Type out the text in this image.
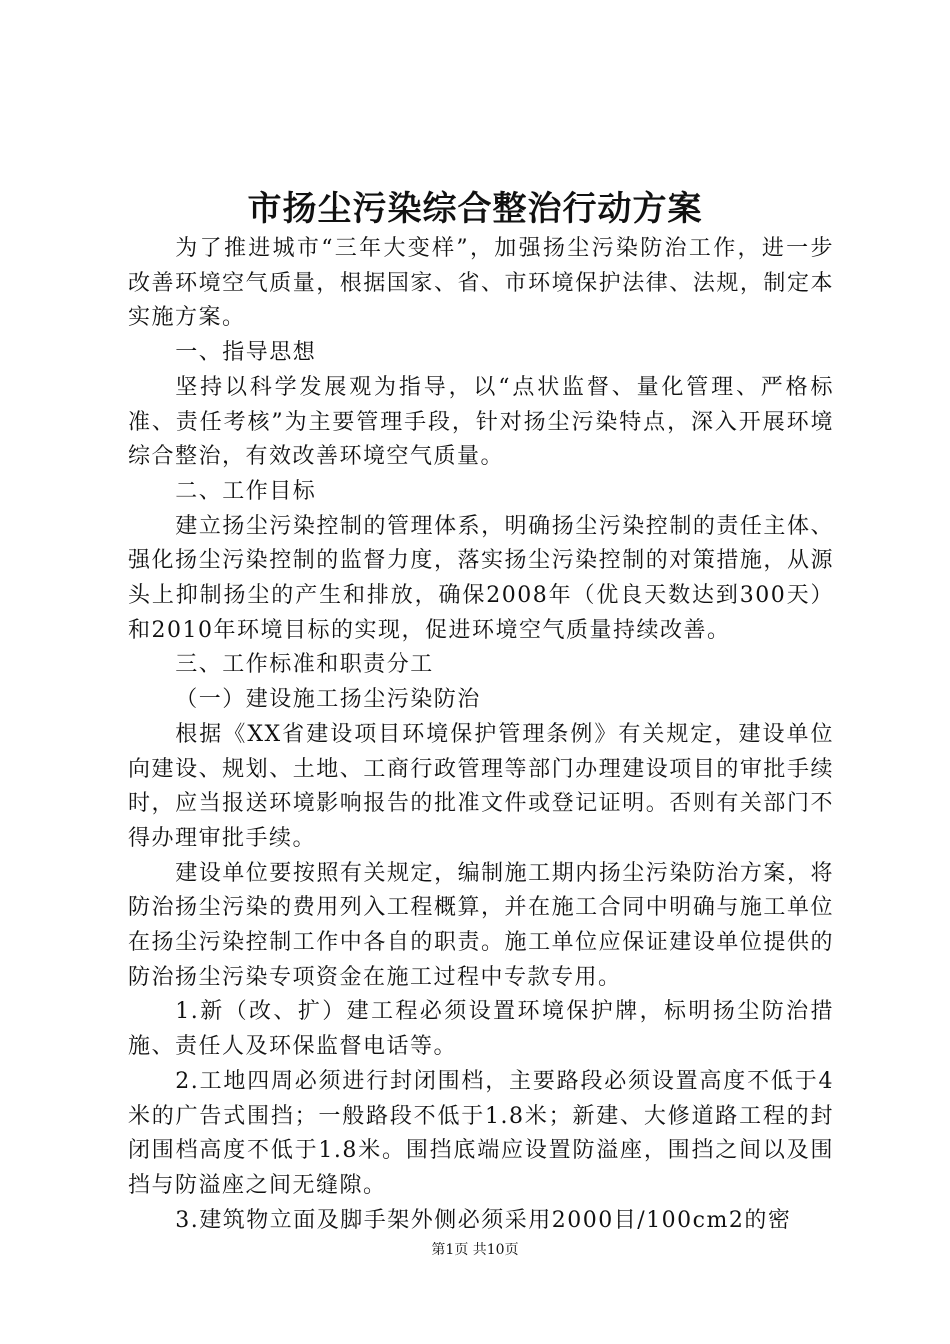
市扬尘污染综合整治行动方案

为了推进城市“三年大变样”，加强扬尘污染防治工作，进一步改善环境空气质量，根据国家、省、市环境保护法律、法规，制定本实施方案。

一、指导思想

坚持以科学发展观为指导，以“点状监督、量化管理、严格标准、责任考核”为主要管理手段，针对扬尘污染特点，深入开展环境综合整治，有效改善环境空气质量。

二、工作目标

建立扬尘污染控制的管理体系，明确扬尘污染控制的责任主体、强化扬尘污染控制的监督力度，落实扬尘污染控制的对策措施，从源头上抑制扬尘的产生和排放，确保2008年（优良天数达到300天）和2010年环境目标的实现，促进环境空气质量持续改善。

三、工作标准和职责分工

（一）建设施工扬尘污染防治

根据《XX省建设项目环境保护管理条例》有关规定，建设单位向建设、规划、土地、工商行政管理等部门办理建设项目的审批手续时，应当报送环境影响报告的批准文件或登记证明。否则有关部门不得办理审批手续。

建设单位要按照有关规定，编制施工期内扬尘污染防治方案，将防治扬尘污染的费用列入工程概算，并在施工合同中明确与施工单位在扬尘污染控制工作中各自的职责。施工单位应保证建设单位提供的防治扬尘污染专项资金在施工过程中专款专用。

1.新（改、扩）建工程必须设置环境保护牌，标明扬尘防治措施、责任人及环保监督电话等。

2.工地四周必须进行封闭围档，主要路段必须设置高度不低于4米的广告式围挡；一般路段不低于1.8米；新建、大修道路工程的封闭围档高度不低于1.8米。围挡底端应设置防溢座，围挡之间以及围挡与防溢座之间无缝隙。

3.建筑物立面及脚手架外侧必须采用2000目/100cm2的密

第1页 共10页
